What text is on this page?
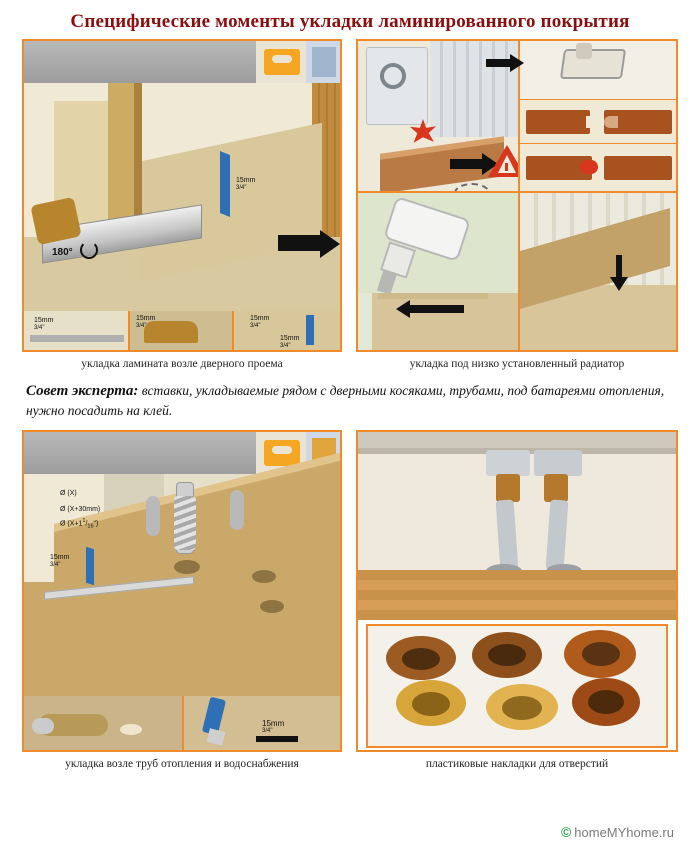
Специфические моменты укладки ламинированного покрытия
15mm
3/4"
180°
15mm
3/4"
15mm
3/4"
15mm
3/4"
15mm
3/4"
укладка ламината возле дверного проема	укладка под низко установленный радиатор
Совет эксперта: вставки, укладываемые рядом с дверными косяками, трубами, под батареями отопления, нужно посадить на клей.
Ø (X)
Ø (X+30mm)
Ø $(X+1^1/_{16}")$
15mm
3/4"
15mm
3/4"
укладка возле труб отопления и водоснабжения	пластиковые накладки для отверстий
© homeMYhome.ru
